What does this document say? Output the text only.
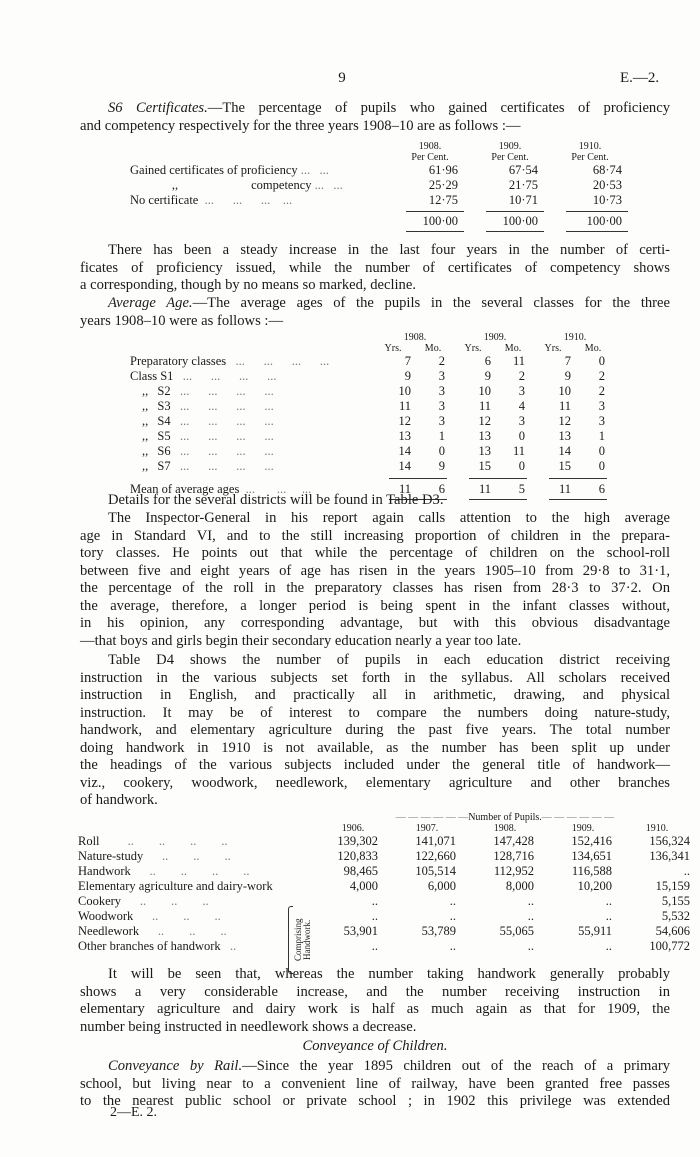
9	E.—2.
S6 Certificates.—The percentage of pupils who gained certificates of proficiency
and competency respectively for the three years 1908–10 are as follows :—
	1908.	1909.	1910.
	Per Cent.	Per Cent.	Per Cent.
Gained certificates of proficiency ...   ...	61·96	67·54	68·74
,, competency ...   ...	25·29	21·75	20·53
No certificate  ...      ...      ...    ...	12·75	10·71	10·73

	100·00	100·00	100·00

There has been a steady increase in the last four years in the number of certi-
ficates of proficiency issued, while the number of certificates of competency shows
a corresponding, though by no means so marked, decline.
Average Age.—The average ages of the pupils in the several classes for the three
years 1908–10 were as follows :—
	1908.		1909.		1910.	
	Yrs.	Mo.	Yrs.	Mo.	Yrs.	Mo.
Preparatory classes   ...      ...      ...      ...	7	2	6	11	7	0
Class S1   ...      ...      ...      ...	9	3	9	2	9	2
,, S2   ...      ...      ...      ...	10	3	10	3	10	2
,, S3   ...      ...      ...      ...	11	3	11	4	11	3
,, S4   ...      ...      ...      ...	12	3	12	3	12	3
,, S5   ...      ...      ...      ...	13	1	13	0	13	1
,, S6   ...      ...      ...      ...	14	0	13	11	14	0
,, S7   ...      ...      ...      ...	14	9	15	0	15	0

Mean of average ages  ...       ...     ...	11	6	11	5	11	6

Details for the several districts will be found in Table D3.
The Inspector-General in his report again calls attention to the high average
age in Standard VI, and to the still increasing proportion of children in the prepara-
tory classes. He points out that while the percentage of children on the school-roll
between five and eight years of age has risen in the years 1905–10 from 29·8 to 31·1,
the percentage of the roll in the preparatory classes has risen from 28·3 to 37·2. On
the average, therefore, a longer period is being spent in the infant classes without,
in his opinion, any corresponding advantage, but with this obvious disadvantage
—that boys and girls begin their secondary education nearly a year too late.
Table D4 shows the number of pupils in each education district receiving
instruction in the various subjects set forth in the syllabus. All scholars received
instruction in English, and practically all in arithmetic, drawing, and physical
instruction. It may be of interest to compare the numbers doing nature-study,
handwork, and elementary agriculture during the past five years. The total number
doing handwork in 1910 is not available, as the number has been split up under
the headings of the various subjects included under the general title of handwork—
viz., cookery, woodwork, needlework, elementary agriculture and other branches
of handwork.
— — — — — —Number of Pupils.— — — — — —
	1906.	1907.	1908.	1909.	1910.
Roll         ..        ..        ..        ..	139,302	141,071	147,428	152,416	156,324
Nature-study      ..        ..        ..	120,833	122,660	128,716	134,651	136,341
Handwork      ..        ..        ..        ..	98,465	105,514	112,952	116,588	..
Elementary agriculture and dairy-work	4,000	6,000	8,000	10,200	15,159
Cookery      ..        ..        ..	..	..	..	..	5,155
Woodwork      ..        ..        ..	..	..	..	..	5,532
Needlework      ..        ..        ..	53,901	53,789	55,065	55,911	54,606
Other branches of handwork   ..	..	..	..	..	100,772
Comprising Handwork.
It will be seen that, whereas the number taking handwork generally probably
shows a very considerable increase, and the number receiving instruction in
elementary agriculture and dairy work is half as much again as that for 1909, the
number being instructed in needlework shows a decrease.
Conveyance of Children.
Conveyance by Rail.—Since the year 1895 children out of the reach of a primary
school, but living near to a convenient line of railway, have been granted free passes
to the nearest public school or private school ; in 1902 this privilege was extended
2—E. 2.
